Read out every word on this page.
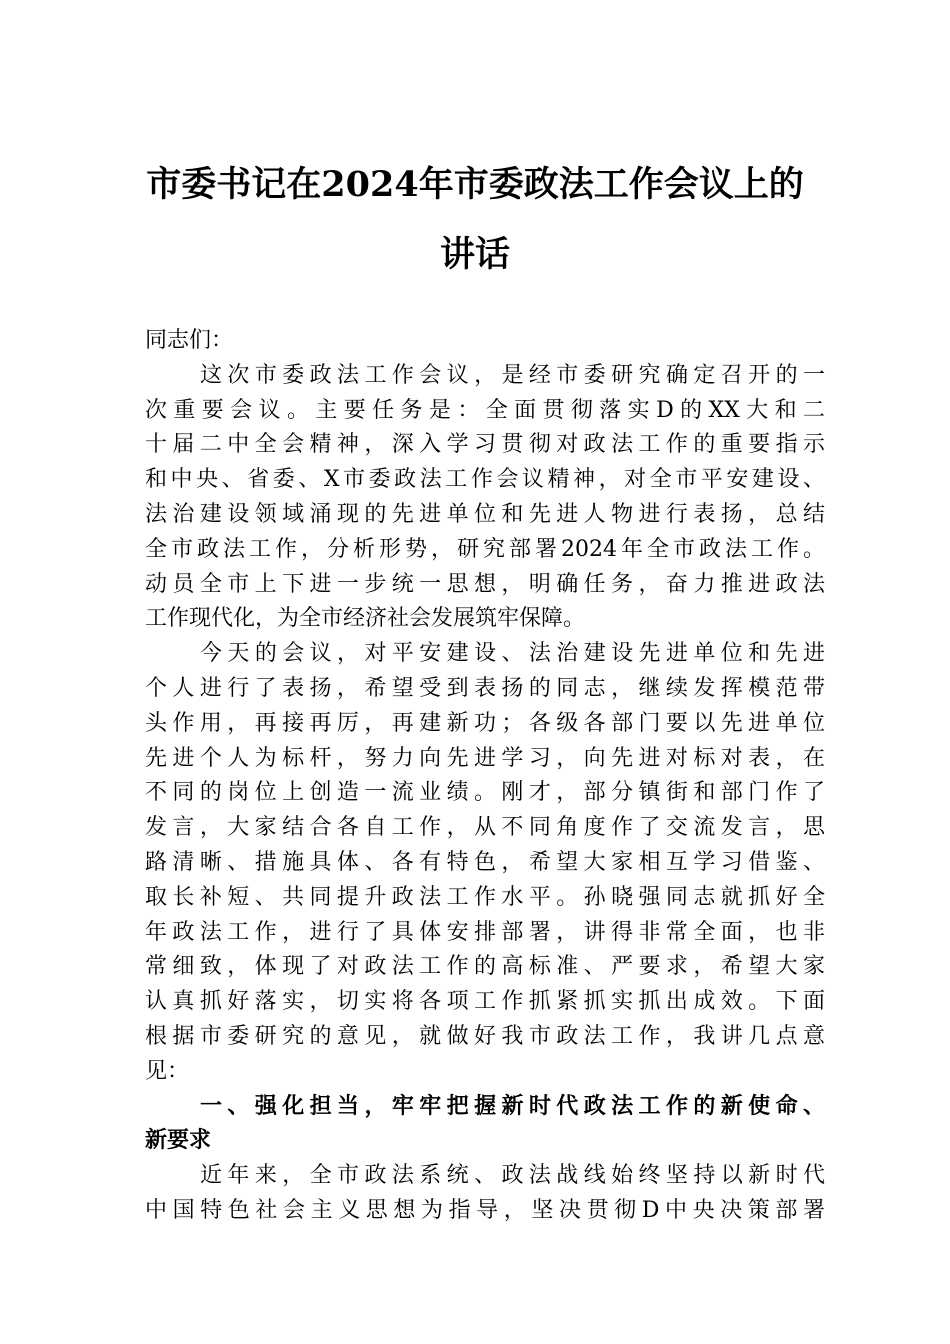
市委书记在2024年市委政法工作会议上的
讲话
同志们：
这次市委政法工作会议，是经市委研究确定召开的一
次重要会议。主要任务是：全面贯彻落实D的XX大和二
十届二中全会精神，深入学习贯彻对政法工作的重要指示
和中央、省委、X市委政法工作会议精神，对全市平安建设、
法治建设领域涌现的先进单位和先进人物进行表扬，总结
全市政法工作，分析形势，研究部署2024年全市政法工作。
动员全市上下进一步统一思想，明确任务，奋力推进政法
工作现代化，为全市经济社会发展筑牢保障。
今天的会议，对平安建设、法治建设先进单位和先进
个人进行了表扬，希望受到表扬的同志，继续发挥模范带
头作用，再接再厉，再建新功；各级各部门要以先进单位
先进个人为标杆，努力向先进学习，向先进对标对表，在
不同的岗位上创造一流业绩。刚才，部分镇街和部门作了
发言，大家结合各自工作，从不同角度作了交流发言，思
路清晰、措施具体、各有特色，希望大家相互学习借鉴、
取长补短、共同提升政法工作水平。孙晓强同志就抓好全
年政法工作，进行了具体安排部署，讲得非常全面，也非
常细致，体现了对政法工作的高标准、严要求，希望大家
认真抓好落实，切实将各项工作抓紧抓实抓出成效。下面
根据市委研究的意见，就做好我市政法工作，我讲几点意
见：
一、强化担当，牢牢把握新时代政法工作的新使命、
新要求
近年来，全市政法系统、政法战线始终坚持以新时代
中国特色社会主义思想为指导，坚决贯彻D中央决策部署
